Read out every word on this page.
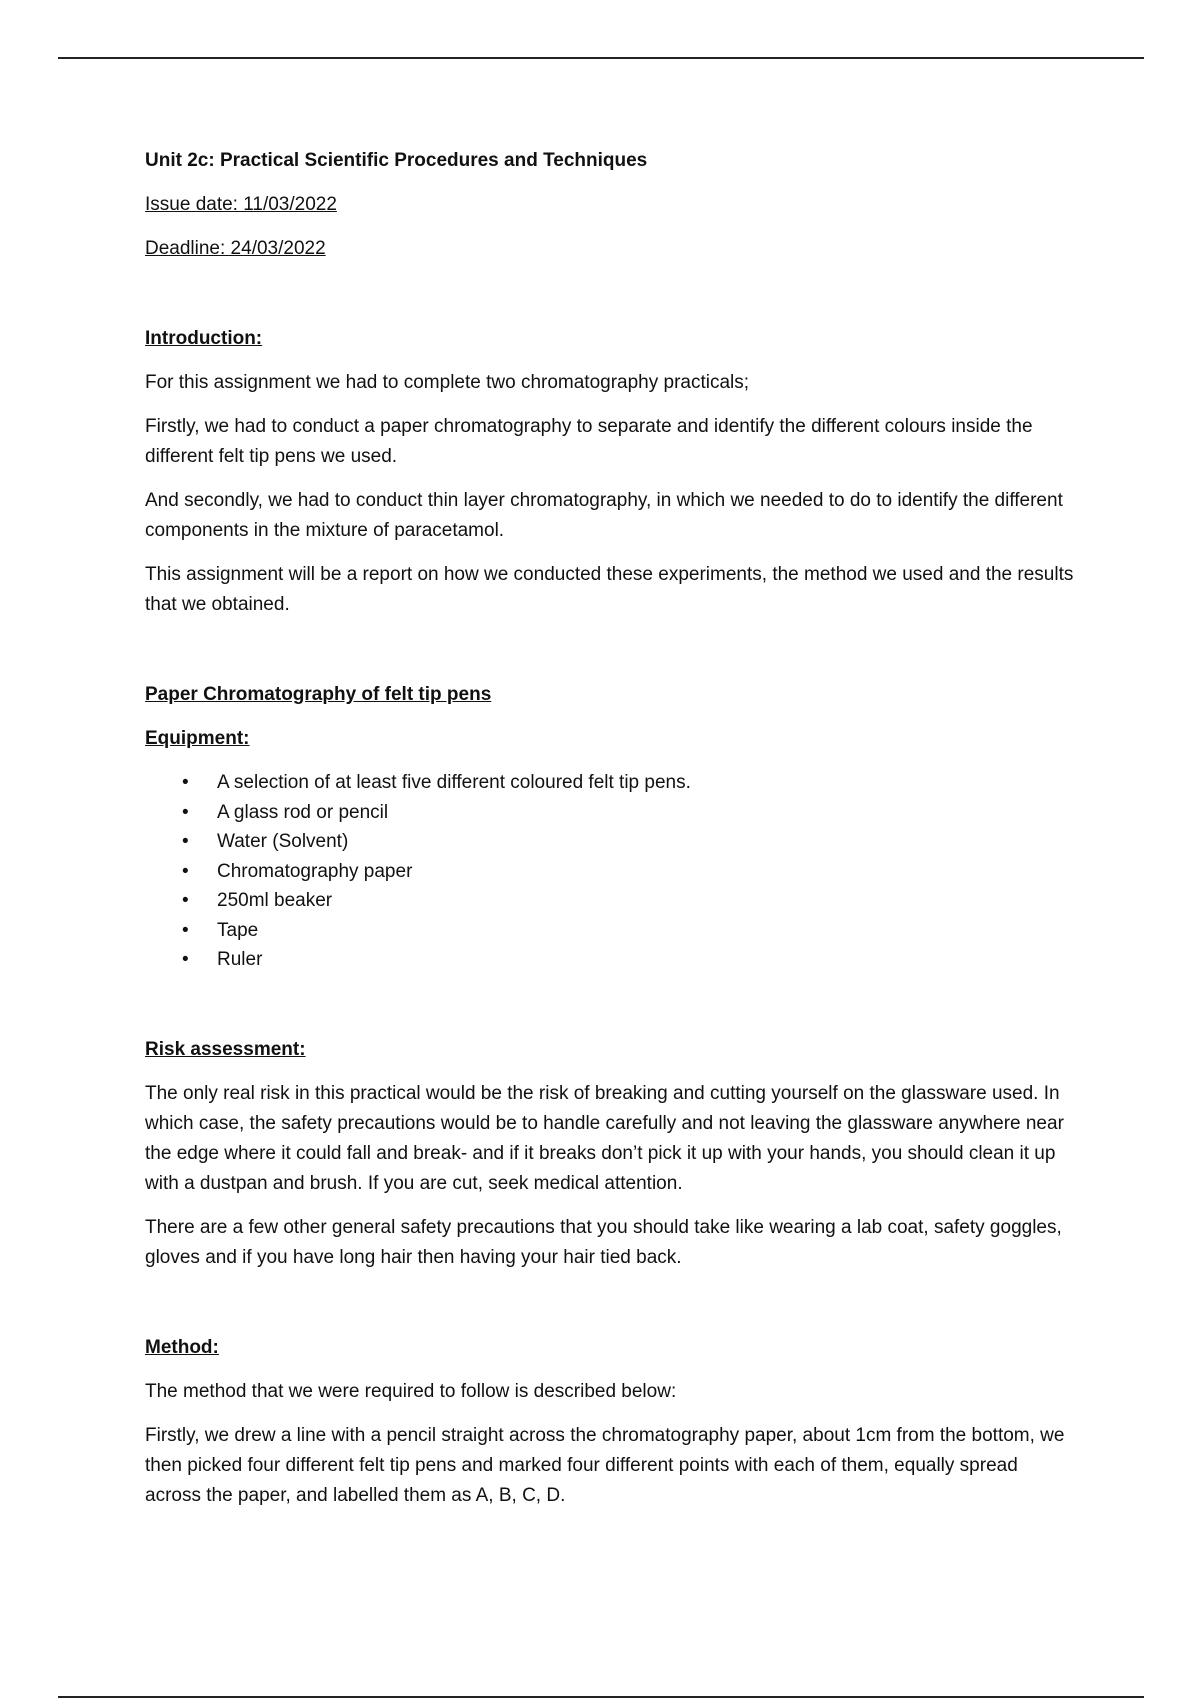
Unit 2c: Practical Scientific Procedures and Techniques

Issue date: 11/03/2022

Deadline: 24/03/2022

Introduction:

For this assignment we had to complete two chromatography practicals;

Firstly, we had to conduct a paper chromatography to separate and identify the different colours inside the different felt tip pens we used.

And secondly, we had to conduct thin layer chromatography, in which we needed to do to identify the different components in the mixture of paracetamol.

This assignment will be a report on how we conducted these experiments, the method we used and the results that we obtained.

Paper Chromatography of felt tip pens

Equipment:

• A selection of at least five different coloured felt tip pens.
• A glass rod or pencil
• Water (Solvent)
• Chromatography paper
• 250ml beaker
• Tape
• Ruler

Risk assessment:

The only real risk in this practical would be the risk of breaking and cutting yourself on the glassware used. In which case, the safety precautions would be to handle carefully and not leaving the glassware anywhere near the edge where it could fall and break- and if it breaks don’t pick it up with your hands, you should clean it up with a dustpan and brush. If you are cut, seek medical attention.

There are a few other general safety precautions that you should take like wearing a lab coat, safety goggles, gloves and if you have long hair then having your hair tied back.

Method:

The method that we were required to follow is described below:

Firstly, we drew a line with a pencil straight across the chromatography paper, about 1cm from the bottom, we then picked four different felt tip pens and marked four different points with each of them, equally spread across the paper, and labelled them as A, B, C, D.
